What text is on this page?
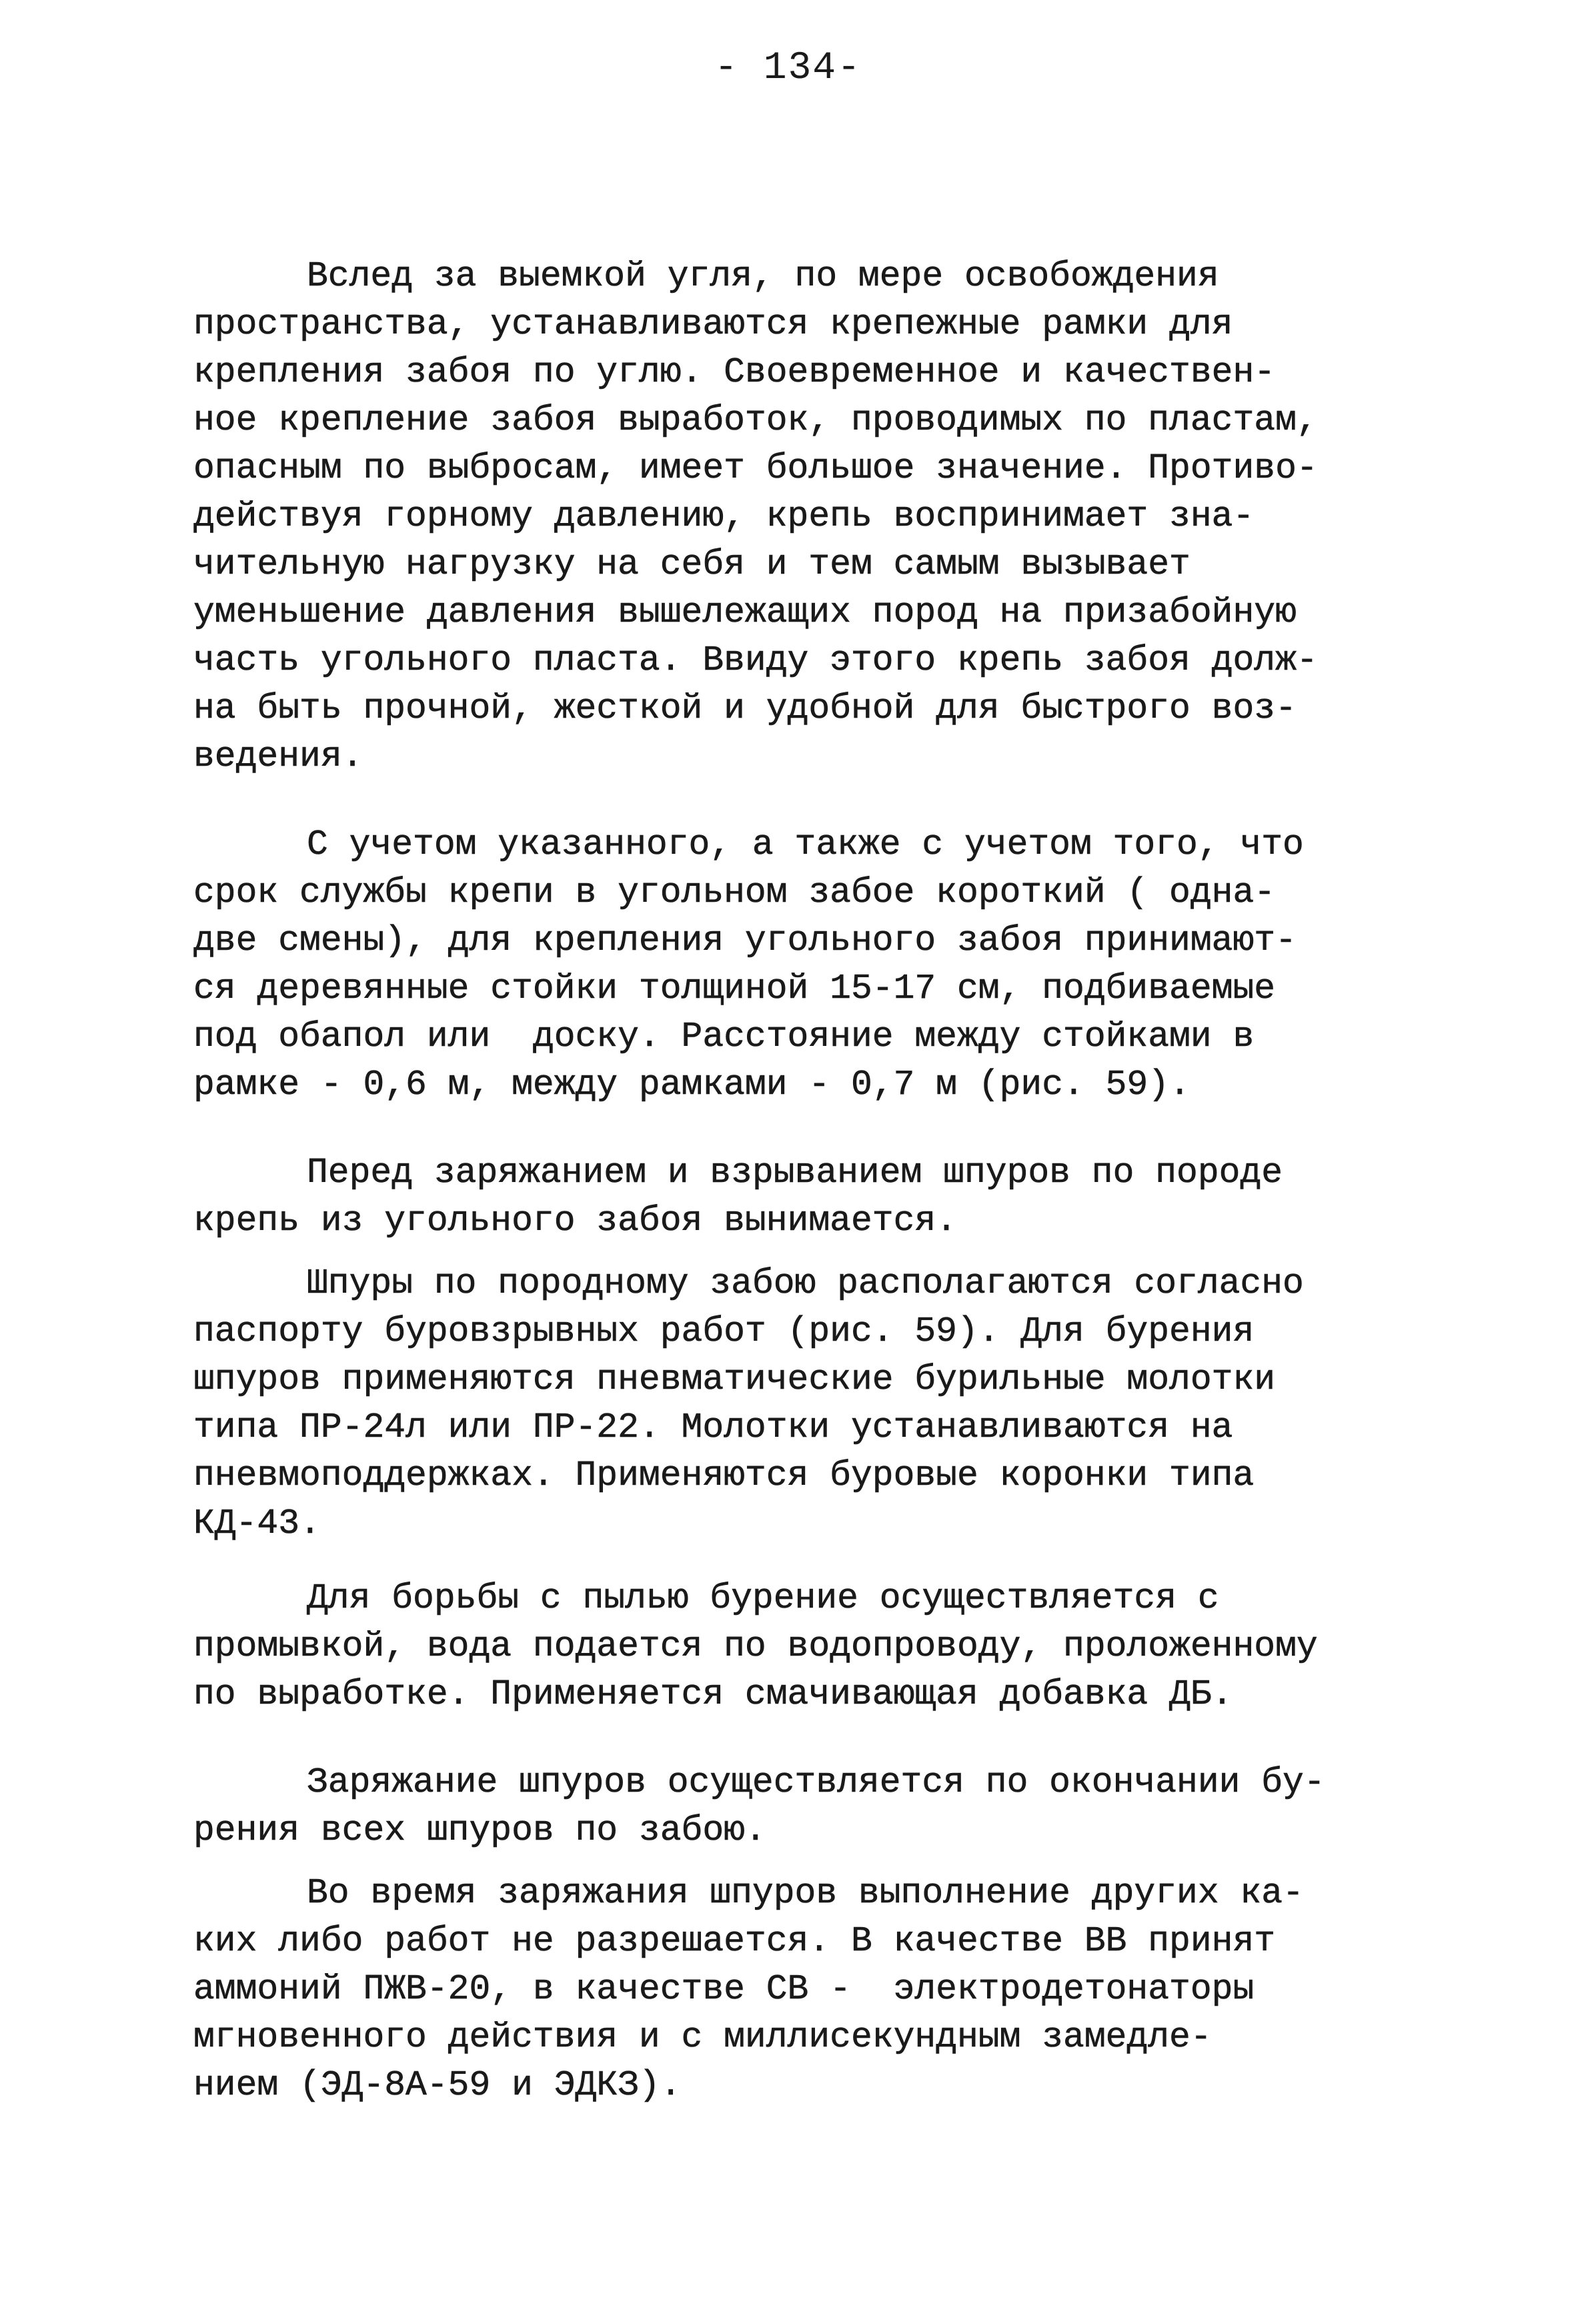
- 134-

Вслед за выемкой угля, по мере освобождения
пространства, устанавливаются крепежные рамки для
крепления забоя по углю. Своевременное и качествен-
ное крепление забоя выработок, проводимых по пластам,
опасным по выбросам, имеет большое значение. Противо-
действуя горному давлению, крепь воспринимает зна-
чительную нагрузку на себя и тем самым вызывает
уменьшение давления вышележащих пород на призабойную
часть угольного пласта. Ввиду этого крепь забоя долж-
на быть прочной, жесткой и удобной для быстрого воз-
ведения.

С учетом указанного, а также с учетом того, что
срок службы крепи в угольном забое короткий ( одна-
две смены), для крепления угольного забоя принимают-
ся деревянные стойки толщиной 15-17 см, подбиваемые
под обапол или  доску. Расстояние между стойками в
рамке - 0,6 м, между рамками - 0,7 м (рис. 59).

Перед заряжанием и взрыванием шпуров по породе
крепь из угольного забоя вынимается.

Шпуры по породному забою располагаются согласно
паспорту буровзрывных работ (рис. 59). Для бурения
шпуров применяются пневматические бурильные молотки
типа ПР-24л или ПР-22. Молотки устанавливаются на
пневмоподдержках. Применяются буровые коронки типа
КД-43.

Для борьбы с пылью бурение осуществляется с
промывкой, вода подается по водопроводу, проложенному
по выработке. Применяется смачивающая добавка ДБ.

Заряжание шпуров осуществляется по окончании бу-
рения всех шпуров по забою.

Во время заряжания шпуров выполнение других ка-
ких либо работ не разрешается. В качестве ВВ принят
аммоний ПЖВ-20, в качестве СВ -  электродетонаторы
мгновенного действия и с миллисекундным замедле-
нием (ЭД-8А-59 и ЭДКЗ).
